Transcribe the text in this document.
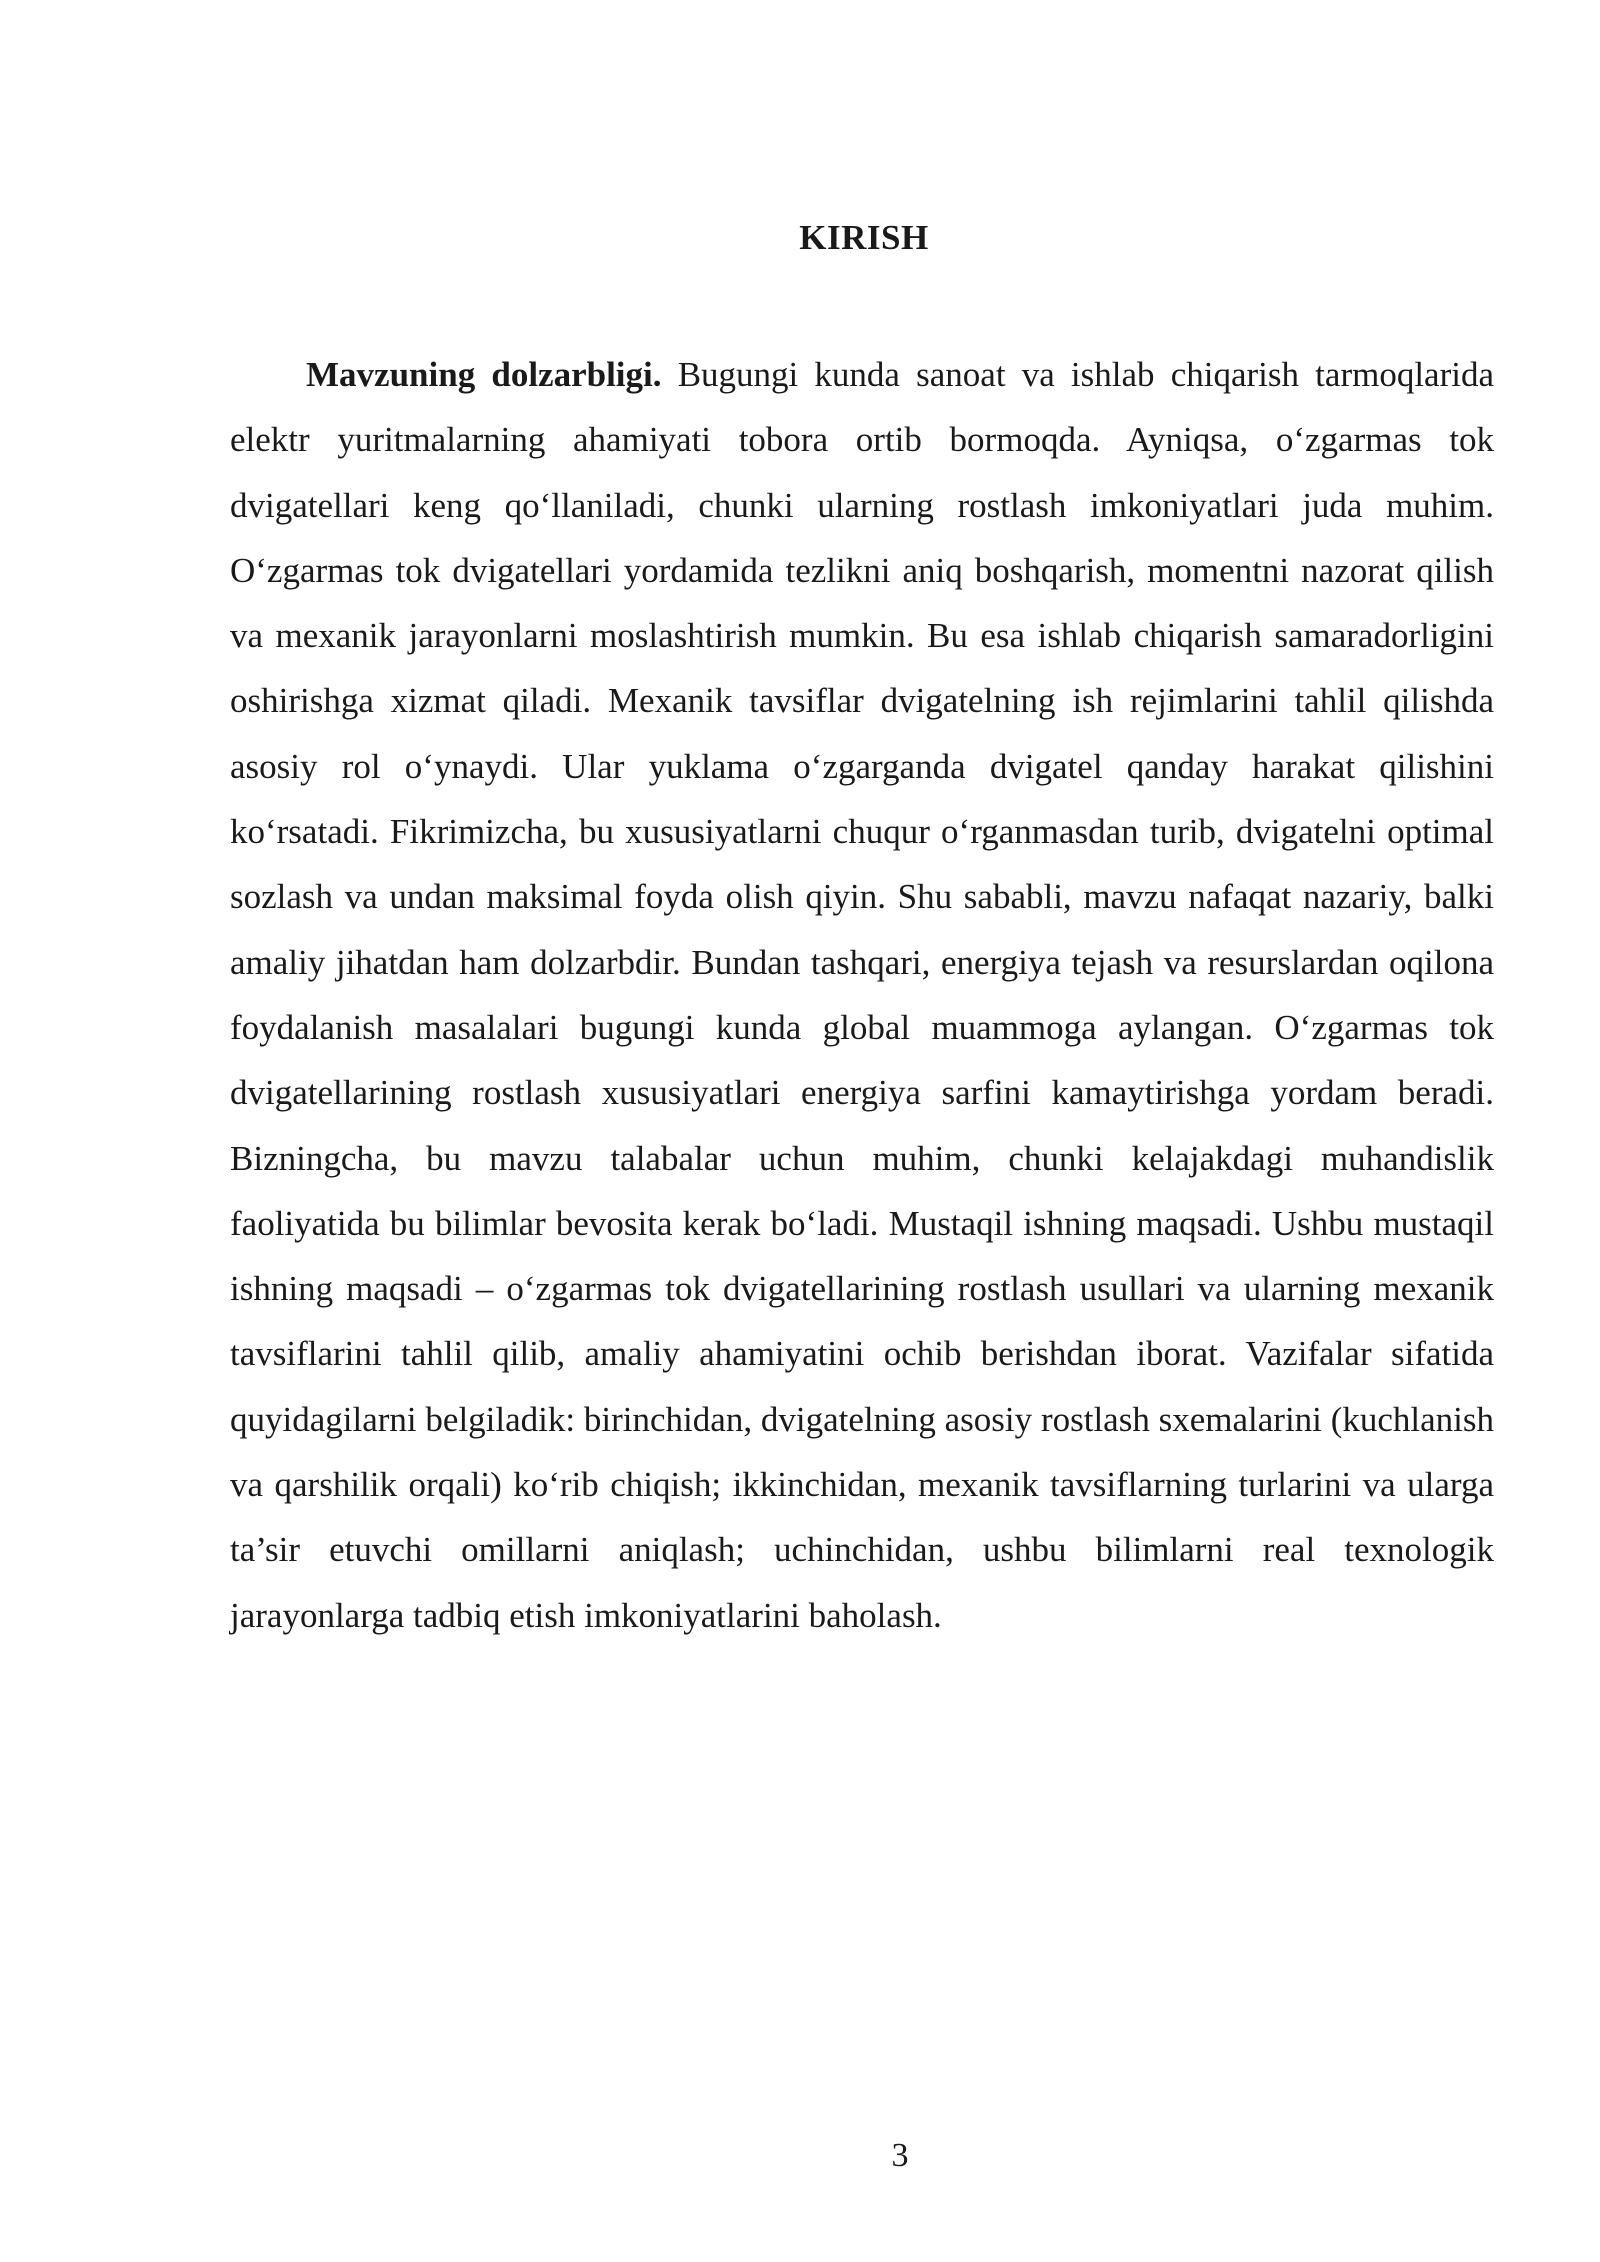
KIRISH

Mavzuning dolzarbligi. Bugungi kunda sanoat va ishlab chiqarish tarmoqlarida elektr yuritmalarning ahamiyati tobora ortib bormoqda. Ayniqsa, o‘zgarmas tok dvigatellari keng qo‘llaniladi, chunki ularning rostlash imkoniyatlari juda muhim. O‘zgarmas tok dvigatellari yordamida tezlikni aniq boshqarish, momentni nazorat qilish va mexanik jarayonlarni moslashtirish mumkin. Bu esa ishlab chiqarish samaradorligini oshirishga xizmat qiladi. Mexanik tavsiflar dvigatelning ish rejimlarini tahlil qilishda asosiy rol o‘ynaydi. Ular yuklama o‘zgarganda dvigatel qanday harakat qilishini ko‘rsatadi. Fikrimizcha, bu xususiyatlarni chuqur o‘rganmasdan turib, dvigatelni optimal sozlash va undan maksimal foyda olish qiyin. Shu sababli, mavzu nafaqat nazariy, balki amaliy jihatdan ham dolzarbdir. Bundan tashqari, energiya tejash va resurslardan oqilona foydalanish masalalari bugungi kunda global muammoga aylangan. O‘zgarmas tok dvigatellarining rostlash xususiyatlari energiya sarfini kamaytirishga yordam beradi. Bizningcha, bu mavzu talabalar uchun muhim, chunki kelajakdagi muhandislik faoliyatida bu bilimlar bevosita kerak bo‘ladi. Mustaqil ishning maqsadi. Ushbu mustaqil ishning maqsadi – o‘zgarmas tok dvigatellarining rostlash usullari va ularning mexanik tavsiflarini tahlil qilib, amaliy ahamiyatini ochib berishdan iborat. Vazifalar sifatida quyidagilarni belgiladik: birinchidan, dvigatelning asosiy rostlash sxemalarini (kuchlanish va qarshilik orqali) ko‘rib chiqish; ikkinchidan, mexanik tavsiflarning turlarini va ularga ta’sir etuvchi omillarni aniqlash; uchinchidan, ushbu bilimlarni real texnologik jarayonlarga tadbiq etish imkoniyatlarini baholash.

3
